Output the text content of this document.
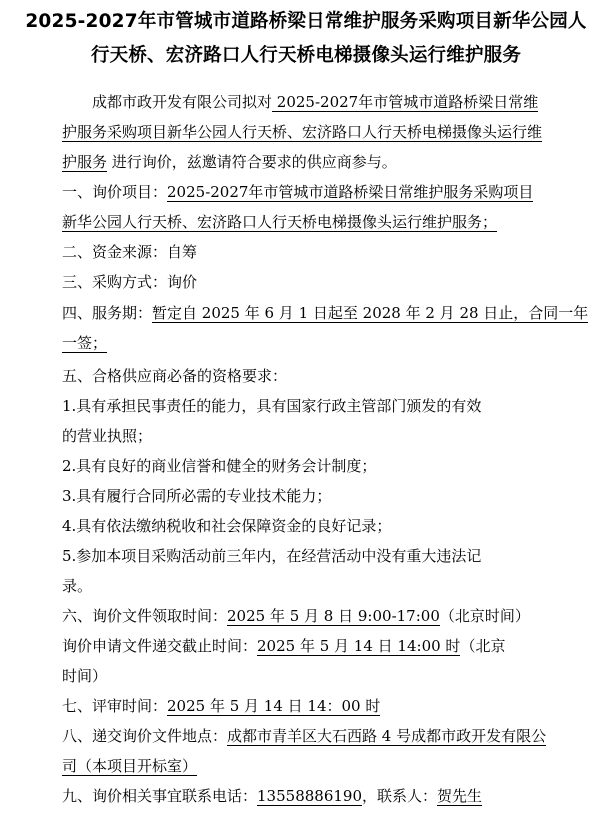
2025-2027年市管城市道路桥梁日常维护服务采购项目新华公园人
行天桥、宏济路口人行天桥电梯摄像头运行维护服务
成都市政开发有限公司拟对 2025-2027年市管城市道路桥梁日常维
护服务采购项目新华公园人行天桥、宏济路口人行天桥电梯摄像头运行维
护服务 进行询价，兹邀请符合要求的供应商参与。
一、询价项目：2025-2027年市管城市道路桥梁日常维护服务采购项目
新华公园人行天桥、宏济路口人行天桥电梯摄像头运行维护服务；
二、资金来源：自筹
三、采购方式：询价
四、服务期：暂定自 2025 年 6 月 1 日起至 2028 年 2 月 28 日止，合同一年
一签；
五、合格供应商必备的资格要求：
1.具有承担民事责任的能力，具有国家行政主管部门颁发的有效
的营业执照；
2.具有良好的商业信誉和健全的财务会计制度；
3.具有履行合同所必需的专业技术能力；
4.具有依法缴纳税收和社会保障资金的良好记录；
5.参加本项目采购活动前三年内，在经营活动中没有重大违法记
录。
六、询价文件领取时间：2025 年 5 月 8 日 9:00-17:00（北京时间）
询价申请文件递交截止时间：2025 年 5 月 14 日 14:00 时（北京
时间）
七、评审时间：2025 年 5 月 14 日 14：00 时
八、递交询价文件地点：成都市青羊区大石西路 4 号成都市政开发有限公
司（本项目开标室）
九、询价相关事宜联系电话：13558886190，联系人：贺先生
